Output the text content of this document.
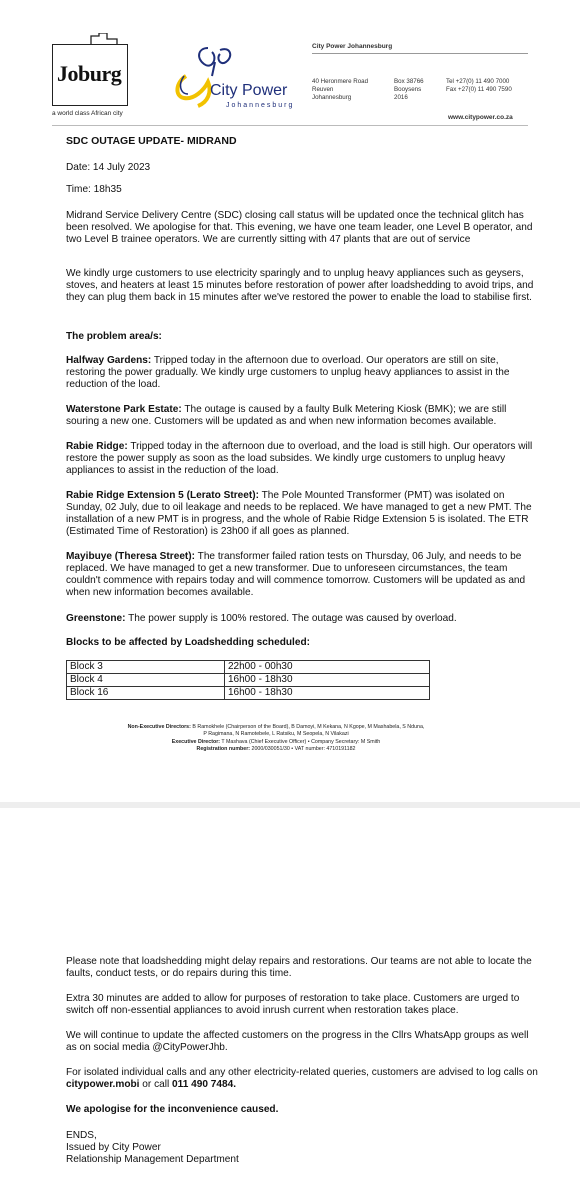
Joburg
a world class African city
City Power
Johannesburg
City Power Johannesburg
40 Heronmere Road
Reuven
Johannesburg
Box 38766
Booysens
2016
Tel +27(0) 11 490 7000
Fax +27(0) 11 490 7590
www.citypower.co.za
SDC OUTAGE UPDATE- MIDRAND
Date: 14 July 2023
Time: 18h35
Midrand Service Delivery Centre (SDC) closing call status will be updated once the technical glitch has been resolved. We apologise for that. This evening, we have one team leader, one Level B operator, and two Level B trainee operators. We are currently sitting with 47 plants that are out of service
We kindly urge customers to use electricity sparingly and to unplug heavy appliances such as geysers, stoves, and heaters at least 15 minutes before restoration of power after loadshedding to avoid trips, and they can plug them back in 15 minutes after we've restored the power to enable the load to stabilise first.
The problem area/s:
Halfway Gardens: Tripped today in the afternoon due to overload. Our operators are still on site, restoring the power gradually. We kindly urge customers to unplug heavy appliances to assist in the reduction of the load.
Waterstone Park Estate: The outage is caused by a faulty Bulk Metering Kiosk (BMK); we are still souring a new one. Customers will be updated as and when new information becomes available.
Rabie Ridge: Tripped today in the afternoon due to overload, and the load is still high. Our operators will restore the power supply as soon as the load subsides. We kindly urge customers to unplug heavy appliances to assist in the reduction of the load.
Rabie Ridge Extension 5 (Lerato Street): The Pole Mounted Transformer (PMT) was isolated on Sunday, 02 July, due to oil leakage and needs to be replaced. We have managed to get a new PMT. The installation of a new PMT is in progress, and the whole of Rabie Ridge Extension 5 is isolated. The ETR (Estimated Time of Restoration) is 23h00 if all goes as planned.
Mayibuye (Theresa Street): The transformer failed ration tests on Thursday, 06 July, and needs to be replaced. We have managed to get a new transformer. Due to unforeseen circumstances, the team couldn't commence with repairs today and will commence tomorrow. Customers will be updated as and when new information becomes available.
Greenstone: The power supply is 100% restored. The outage was caused by overload.
Blocks to be affected by Loadshedding scheduled:
Block 3	22h00 - 00h30
Block 4	16h00 - 18h30
Block 16	16h00 - 18h30
Non-Executive Directors: B Ramokhele (Chairperson of the Board), B Damoyi, M Kekana, N Kgope, M Mashabela, S Nduna,
P Ragimana, N Ramotebele, L Ratsiku, M Seopela, N Vilakazi
Executive Director: T Mashava (Chief Executive Officer) • Company Secretary: M Smith
Registration number: 2000/030051/30 • VAT number: 4710191182
Please note that loadshedding might delay repairs and restorations. Our teams are not able to locate the faults, conduct tests, or do repairs during this time.
Extra 30 minutes are added to allow for purposes of restoration to take place. Customers are urged to switch off non-essential appliances to avoid inrush current when restoration takes place.
We will continue to update the affected customers on the progress in the Cllrs WhatsApp groups as well as on social media @CityPowerJhb.
For isolated individual calls and any other electricity-related queries, customers are advised to log calls on citypower.mobi or call 011 490 7484.
We apologise for the inconvenience caused.
ENDS,
Issued by City Power
Relationship Management Department
